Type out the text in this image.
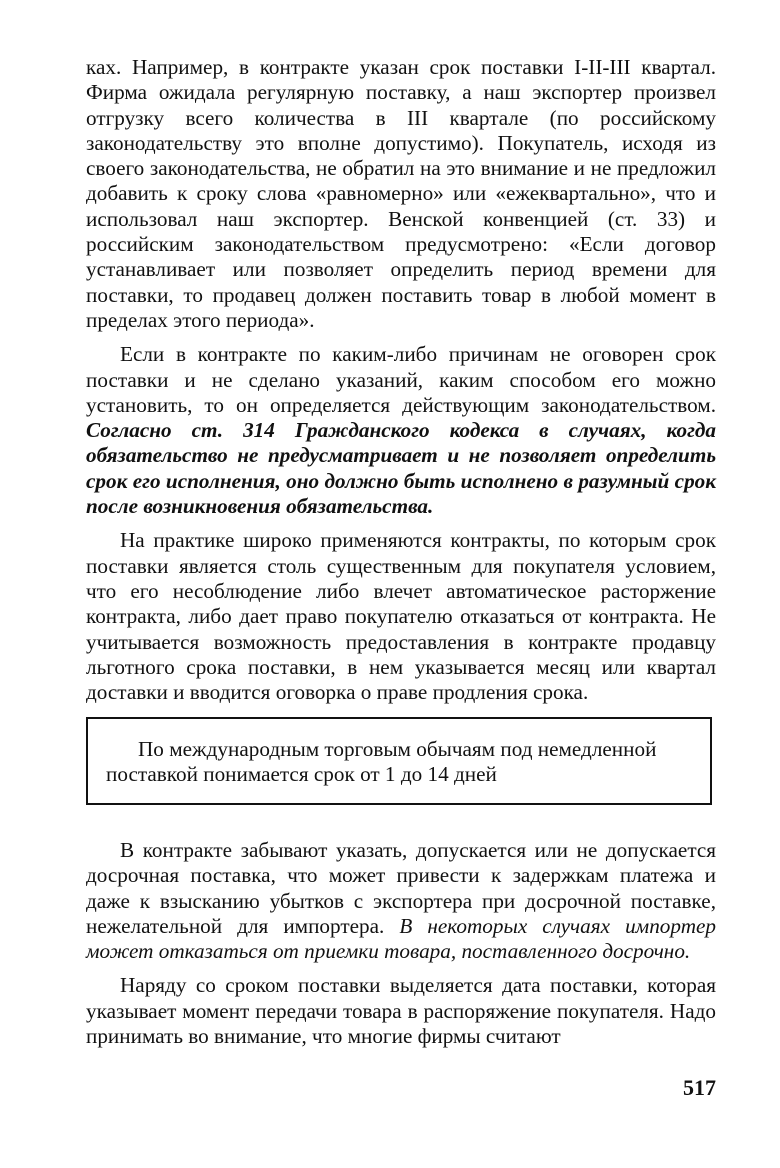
ках. Например, в контракте указан срок поставки I-II-III квартал. Фирма ожидала регулярную поставку, а наш экспортер произвел отгрузку всего количества в III квартале (по российскому законодательству это вполне допустимо). Покупатель, исходя из своего законодательства, не обратил на это внимание и не предложил добавить к сроку слова «равномерно» или «ежеквартально», что и использовал наш экспортер. Венской конвенцией (ст. 33) и российским законодательством предусмотрено: «Если договор устанавливает или позволяет определить период времени для поставки, то продавец должен поставить товар в любой момент в пределах этого периода».

Если в контракте по каким-либо причинам не оговорен срок поставки и не сделано указаний, каким способом его можно установить, то он определяется действующим законодательством. Согласно ст. 314 Гражданского кодекса в случаях, когда обязательство не предусматривает и не позволяет определить срок его исполнения, оно должно быть исполнено в разумный срок после возникновения обязательства.

На практике широко применяются контракты, по которым срок поставки является столь существенным для покупателя условием, что его несоблюдение либо влечет автоматическое расторжение контракта, либо дает право покупателю отказаться от контракта. Не учитывается возможность предоставления в контракте продавцу льготного срока поставки, в нем указывается месяц или квартал доставки и вводится оговорка о праве продления срока.

По международным торговым обычаям под немедленной поставкой понимается срок от 1 до 14 дней

В контракте забывают указать, допускается или не допускается досрочная поставка, что может привести к задержкам платежа и даже к взысканию убытков с экспортера при досрочной поставке, нежелательной для импортера. В некоторых случаях импортер может отказаться от приемки товара, поставленного досрочно.

Наряду со сроком поставки выделяется дата поставки, которая указывает момент передачи товара в распоряжение покупателя. Надо принимать во внимание, что многие фирмы считают

517
